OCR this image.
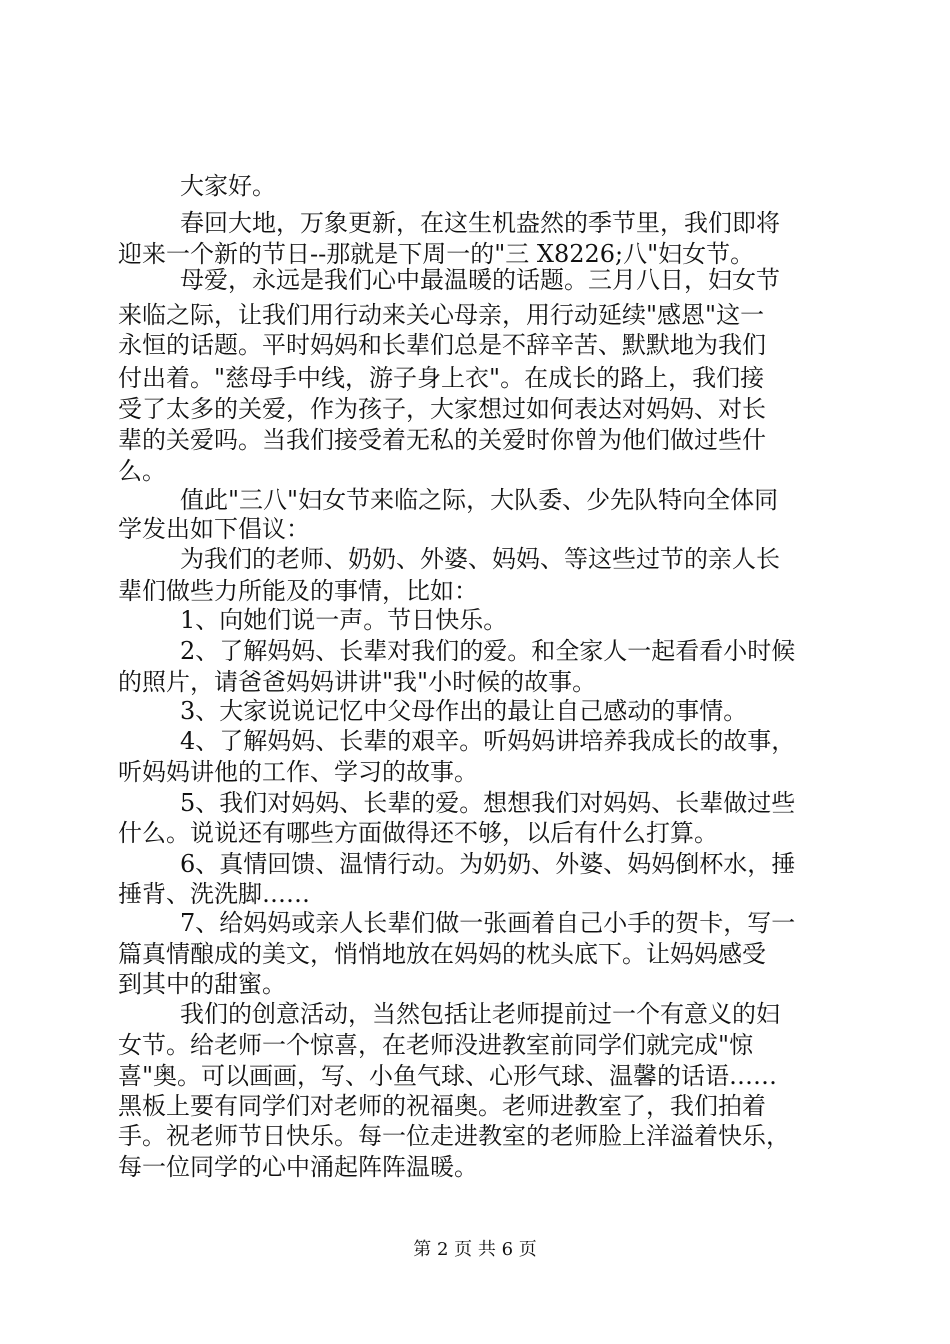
大家好。
春回大地，万象更新，在这生机盎然的季节里，我们即将
迎来一个新的节日--那就是下周一的"三 X8226;八"妇女节。
母爱，永远是我们心中最温暖的话题。三月八日，妇女节
来临之际，让我们用行动来关心母亲，用行动延续"感恩"这一
永恒的话题。平时妈妈和长辈们总是不辞辛苦、默默地为我们
付出着。"慈母手中线，游子身上衣"。在成长的路上，我们接
受了太多的关爱，作为孩子，大家想过如何表达对妈妈、对长
辈的关爱吗。当我们接受着无私的关爱时你曾为他们做过些什
么。
值此"三八"妇女节来临之际，大队委、少先队特向全体同
学发出如下倡议：
为我们的老师、奶奶、外婆、妈妈、等这些过节的亲人长
辈们做些力所能及的事情，比如：
1、向她们说一声。节日快乐。
2、了解妈妈、长辈对我们的爱。和全家人一起看看小时候
的照片，请爸爸妈妈讲讲"我"小时候的故事。
3、大家说说记忆中父母作出的最让自己感动的事情。
4、了解妈妈、长辈的艰辛。听妈妈讲培养我成长的故事，
听妈妈讲他的工作、学习的故事。
5、我们对妈妈、长辈的爱。想想我们对妈妈、长辈做过些
什么。说说还有哪些方面做得还不够，以后有什么打算。
6、真情回馈、温情行动。为奶奶、外婆、妈妈倒杯水，捶
捶背、洗洗脚……
7、给妈妈或亲人长辈们做一张画着自己小手的贺卡，写一
篇真情酿成的美文，悄悄地放在妈妈的枕头底下。让妈妈感受
到其中的甜蜜。
我们的创意活动，当然包括让老师提前过一个有意义的妇
女节。给老师一个惊喜，在老师没进教室前同学们就完成"惊
喜"奥。可以画画，写、小鱼气球、心形气球、温馨的话语……
黑板上要有同学们对老师的祝福奥。老师进教室了，我们拍着
手。祝老师节日快乐。每一位走进教室的老师脸上洋溢着快乐，
每一位同学的心中涌起阵阵温暖。
第 2 页 共 6 页
